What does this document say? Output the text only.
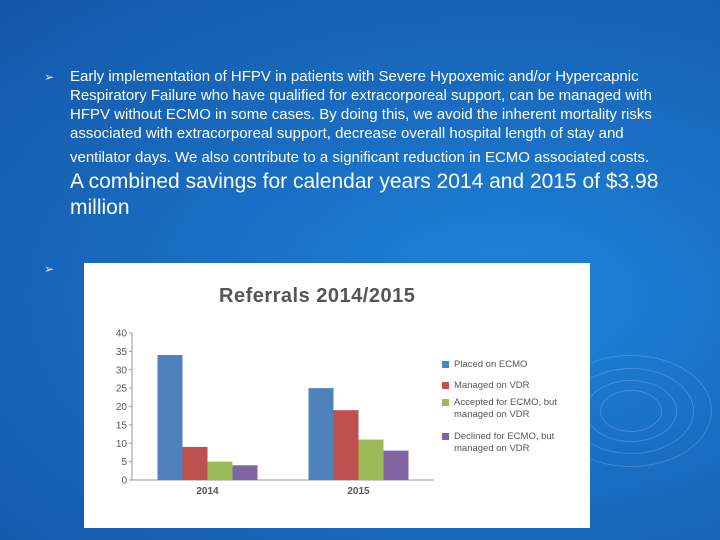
➢ Early implementation of HFPV in patients with Severe Hypoxemic and/or Hypercapnic Respiratory Failure who have qualified for extracorporeal support, can be managed with HFPV without ECMO in some cases. By doing this, we avoid the inherent mortality risks associated with extracorporeal support, decrease overall hospital length of stay and ventilator days. We also contribute to a significant reduction in ECMO associated costs. A combined savings for calendar years 2014 and 2015 of $3.98 million
➢
Referrals 2014/2015
0
5
10
15
20
25
30
35
40
2014	2015
Placed on ECMO
Managed on VDR
Accepted for ECMO, but
managed on VDR
Declined for ECMO, but
managed on VDR
